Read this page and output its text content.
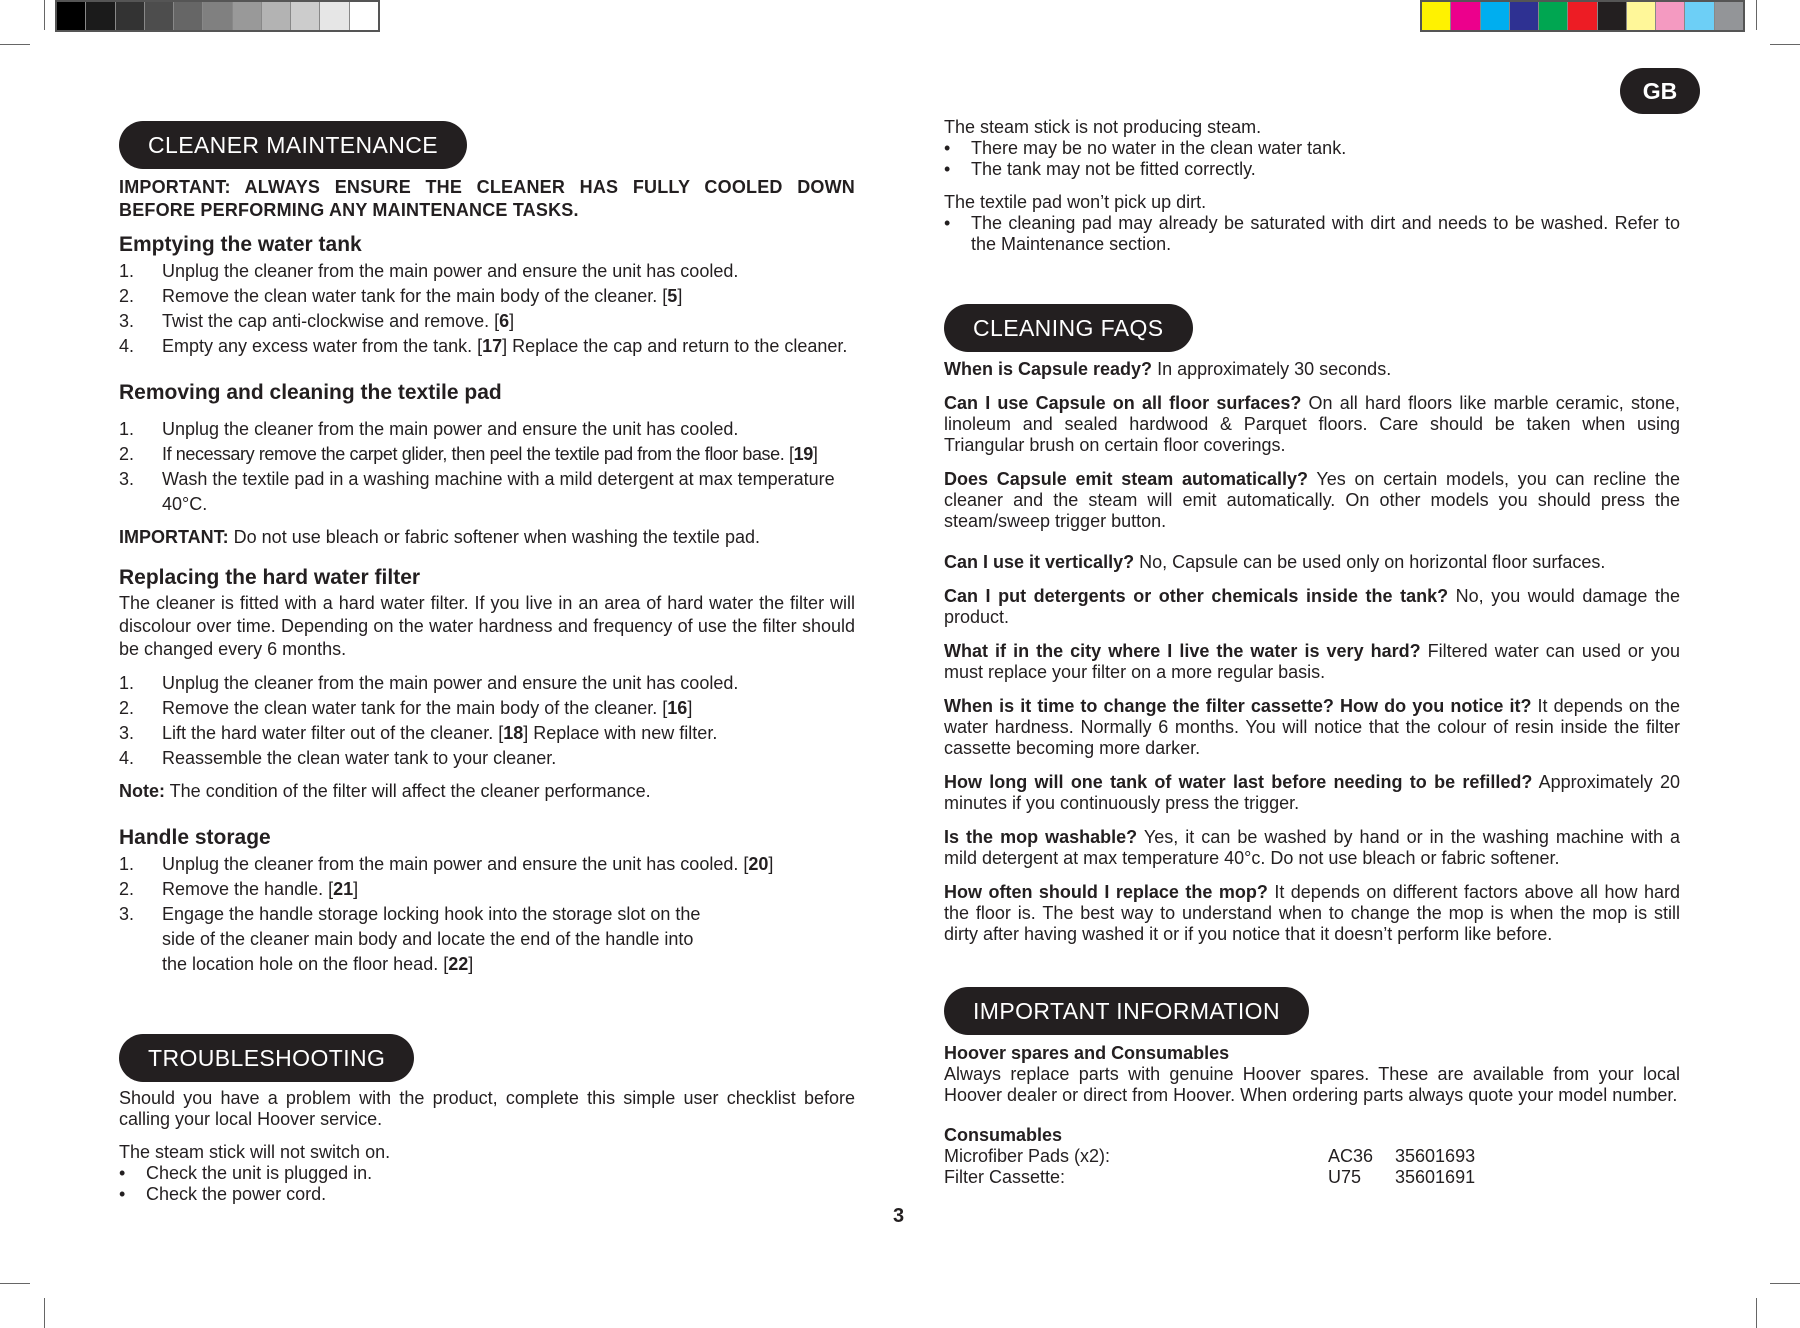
GB
CLEANER MAINTENANCE

IMPORTANT: ALWAYS ENSURE THE CLEANER HAS FULLY COOLED DOWN BEFORE PERFORMING ANY MAINTENANCE TASKS.

Emptying the water tank

1.	Unplug the cleaner from the main power and ensure the unit has cooled.
2.	Remove the clean water tank for the main body of the cleaner. [5]
3.	Twist the cap anti-clockwise and remove. [6]
4.	Empty any excess water from the tank. [17] Replace the cap and return to the cleaner.

Removing and cleaning the textile pad

1.	Unplug the cleaner from the main power and ensure the unit has cooled.
2.	If necessary remove the carpet glider, then peel the textile pad from the floor base. [19]
3.	Wash the textile pad in a washing machine with a mild detergent at max temperature 40°C.

IMPORTANT: Do not use bleach or fabric softener when washing the textile pad.

Replacing the hard water filter

The cleaner is fitted with a hard water filter. If you live in an area of hard water the filter will discolour over time. Depending on the water hardness and frequency of use the filter should be changed every 6 months.

1.	Unplug the cleaner from the main power and ensure the unit has cooled.
2.	Remove the clean water tank for the main body of the cleaner. [16]
3.	Lift the hard water filter out of the cleaner. [18] Replace with new filter.
4.	Reassemble the clean water tank to your cleaner.

Note: The condition of the filter will affect the cleaner performance.

Handle storage

1.	Unplug the cleaner from the main power and ensure the unit has cooled. [20]
2.	Remove the handle. [21]
3.	Engage the handle storage locking hook into the storage slot on the side of the cleaner main body and locate the end of the handle into the location hole on the floor head. [22]
TROUBLESHOOTING

Should you have a problem with the product, complete this simple user checklist before calling your local Hoover service.

The steam stick will not switch on.

•	Check the unit is plugged in.
•	Check the power cord.
3

The steam stick is not producing steam.

•	There may be no water in the clean water tank.
•	The tank may not be fitted correctly.

The textile pad won’t pick up dirt.

•	The cleaning pad may already be saturated with dirt and needs to be washed. Refer to the Maintenance section.
CLEANING FAQS

When is Capsule ready? In approximately 30 seconds.

Can I use Capsule on all floor surfaces? On all hard floors like marble ceramic, stone, linoleum and sealed hardwood & Parquet floors. Care should be taken when using Triangular brush on certain floor coverings.

Does Capsule emit steam automatically? Yes on certain models, you can recline the cleaner and the steam will emit automatically. On other models you should press the steam/sweep trigger button.

Can I use it vertically? No, Capsule can be used only on horizontal floor surfaces.

Can I put detergents or other chemicals inside the tank? No, you would damage the product.

What if in the city where I live the water is very hard? Filtered water can used or you must replace your filter on a more regular basis.

When is it time to change the filter cassette? How do you notice it? It depends on the water hardness. Normally 6 months. You will notice that the colour of resin inside the filter cassette becoming more darker.

How long will one tank of water last before needing to be refilled? Approximately 20 minutes if you continuously press the trigger.

Is the mop washable? Yes, it can be washed by hand or in the washing machine with a mild detergent at max temperature 40°c. Do not use bleach or fabric softener.

How often should I replace the mop? It depends on different factors above all how hard the floor is. The best way to understand when to change the mop is when the mop is still dirty after having washed it or if you notice that it doesn’t perform like before.

IMPORTANT INFORMATION

Hoover spares and Consumables

Always replace parts with genuine Hoover spares. These are available from your local Hoover dealer or direct from Hoover. When ordering parts always quote your model number.

Consumables

Microfiber Pads (x2):	AC36	35601693
Filter Cassette:	U75	35601691
